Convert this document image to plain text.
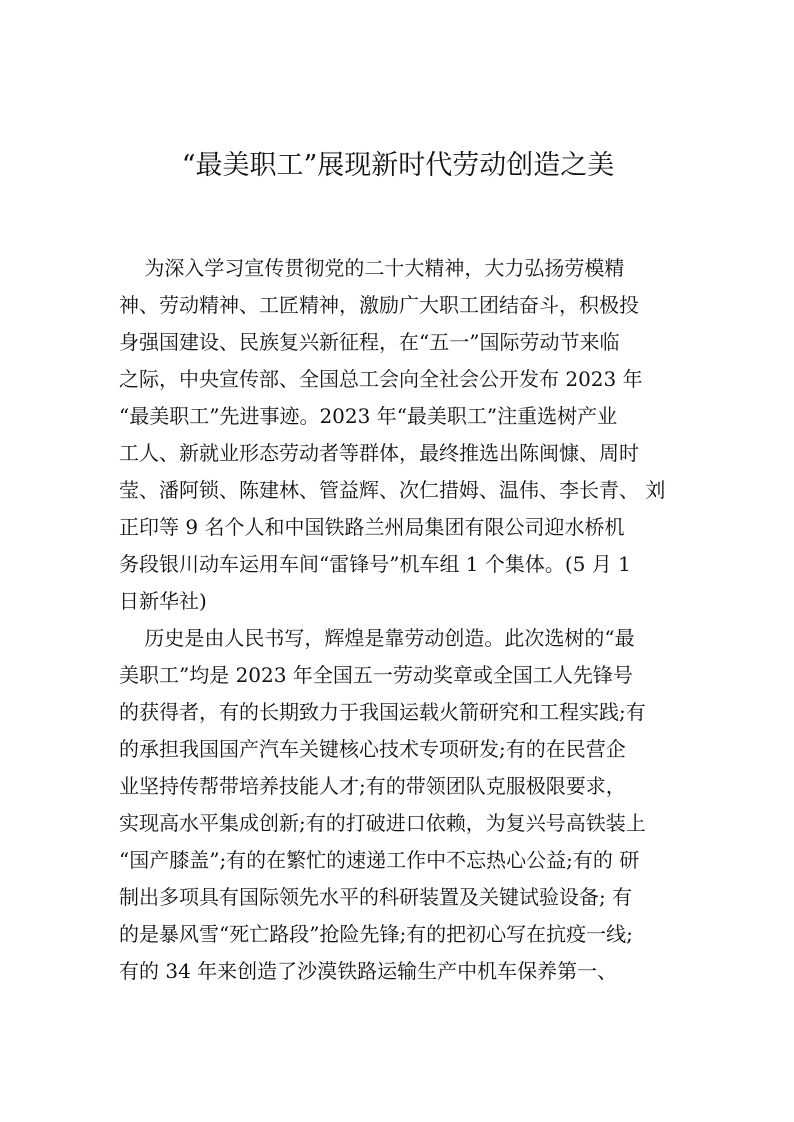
“最美职工”展现新时代劳动创造之美
为深入学习宣传贯彻党的二十大精神，大力弘扬劳模精
神、劳动精神、工匠精神，激励广大职工团结奋斗，积极投
身强国建设、民族复兴新征程，在“五一”国际劳动节来临
之际，中央宣传部、全国总工会向全社会公开发布 2023 年
“最美职工”先进事迹。2023 年“最美职工”注重选树产业
工人、新就业形态劳动者等群体，最终推选出陈闽慷、周时
莹、潘阿锁、陈建林、管益辉、次仁措姆、温伟、李长青、 刘
正印等 9 名个人和中国铁路兰州局集团有限公司迎水桥机
务段银川动车运用车间“雷锋号”机车组 1 个集体。(5 月 1
日新华社)
历史是由人民书写，辉煌是靠劳动创造。此次选树的“最
美职工”均是 2023 年全国五一劳动奖章或全国工人先锋号
的获得者，有的长期致力于我国运载火箭研究和工程实践;有
的承担我国国产汽车关键核心技术专项研发;有的在民营企
业坚持传帮带培养技能人才;有的带领团队克服极限要求，
实现高水平集成创新;有的打破进口依赖，为复兴号高铁装上
“国产膝盖”;有的在繁忙的速递工作中不忘热心公益;有的 研
制出多项具有国际领先水平的科研装置及关键试验设备; 有
的是暴风雪“死亡路段”抢险先锋;有的把初心写在抗疫一线;
有的 34 年来创造了沙漠铁路运输生产中机车保养第一、
